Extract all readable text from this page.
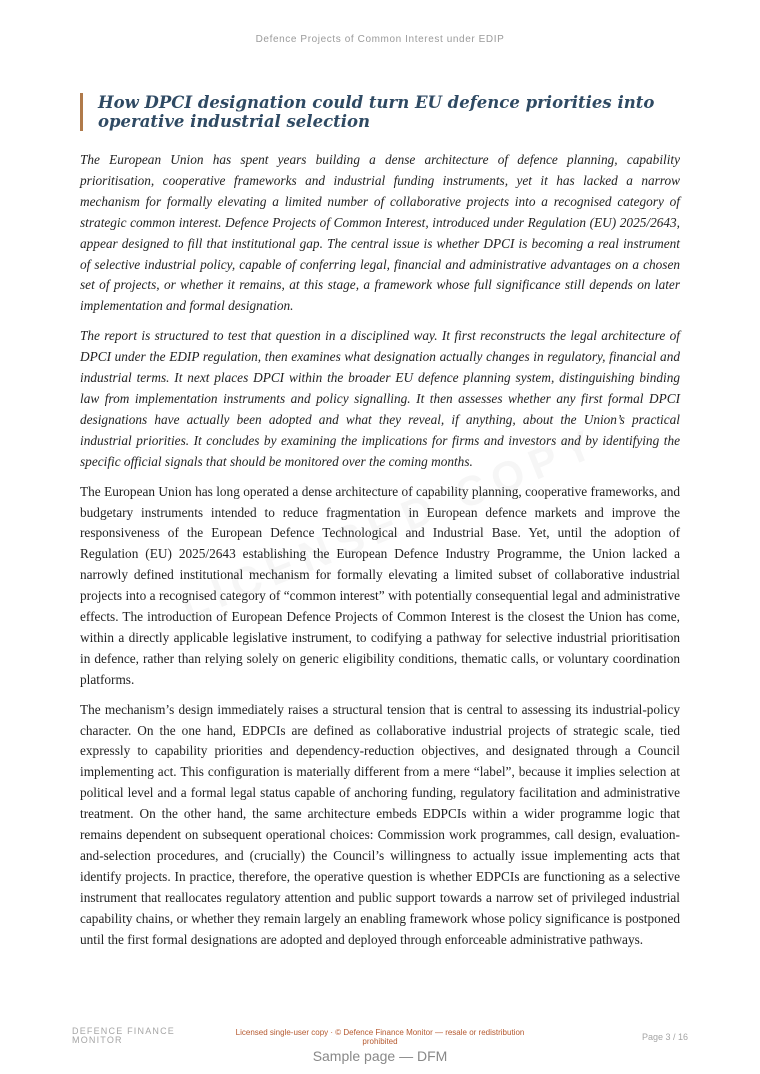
Defence Projects of Common Interest under EDIP
How DPCI designation could turn EU defence priorities into operative industrial selection

The European Union has spent years building a dense architecture of defence planning, capability prioritisation, cooperative frameworks and industrial funding instruments, yet it has lacked a narrow mechanism for formally elevating a limited number of collaborative projects into a recognised category of strategic common interest. Defence Projects of Common Interest, introduced under Regulation (EU) 2025/2643, appear designed to fill that institutional gap. The central issue is whether DPCI is becoming a real instrument of selective industrial policy, capable of conferring legal, financial and administrative advantages on a chosen set of projects, or whether it remains, at this stage, a framework whose full significance still depends on later implementation and formal designation.

The report is structured to test that question in a disciplined way. It first reconstructs the legal architecture of DPCI under the EDIP regulation, then examines what designation actually changes in regulatory, financial and industrial terms. It next places DPCI within the broader EU defence planning system, distinguishing binding law from implementation instruments and policy signalling. It then assesses whether any first formal DPCI designations have actually been adopted and what they reveal, if anything, about the Union’s practical industrial priorities. It concludes by examining the implications for firms and investors and by identifying the specific official signals that should be monitored over the coming months.

The European Union has long operated a dense architecture of capability planning, cooperative frameworks, and budgetary instruments intended to reduce fragmentation in European defence markets and improve the responsiveness of the European Defence Technological and Industrial Base. Yet, until the adoption of Regulation (EU) 2025/2643 establishing the European Defence Industry Programme, the Union lacked a narrowly defined institutional mechanism for formally elevating a limited subset of collaborative industrial projects into a recognised category of “common interest” with potentially consequential legal and administrative effects. The introduction of European Defence Projects of Common Interest is the closest the Union has come, within a directly applicable legislative instrument, to codifying a pathway for selective industrial prioritisation in defence, rather than relying solely on generic eligibility conditions, thematic calls, or voluntary coordination platforms.

The mechanism’s design immediately raises a structural tension that is central to assessing its industrial-policy character. On the one hand, EDPCIs are defined as collaborative industrial projects of strategic scale, tied expressly to capability priorities and dependency-reduction objectives, and designated through a Council implementing act. This configuration is materially different from a mere “label”, because it implies selection at political level and a formal legal status capable of anchoring funding, regulatory facilitation and administrative treatment. On the other hand, the same architecture embeds EDPCIs within a wider programme logic that remains dependent on subsequent operational choices: Commission work programmes, call design, evaluation-and-selection procedures, and (crucially) the Council’s willingness to actually issue implementing acts that identify projects. In practice, therefore, the operative question is whether EDPCIs are functioning as a selective instrument that reallocates regulatory attention and public support towards a narrow set of privileged industrial capability chains, or whether they remain largely an enabling framework whose policy significance is postponed until the first formal designations are adopted and deployed through enforceable administrative pathways.

DEFENCE FINANCE
MONITOR
Licensed single-user copy · © Defence Finance Monitor — resale or redistribution prohibited	Page 3 / 16
Sample page — DFM
